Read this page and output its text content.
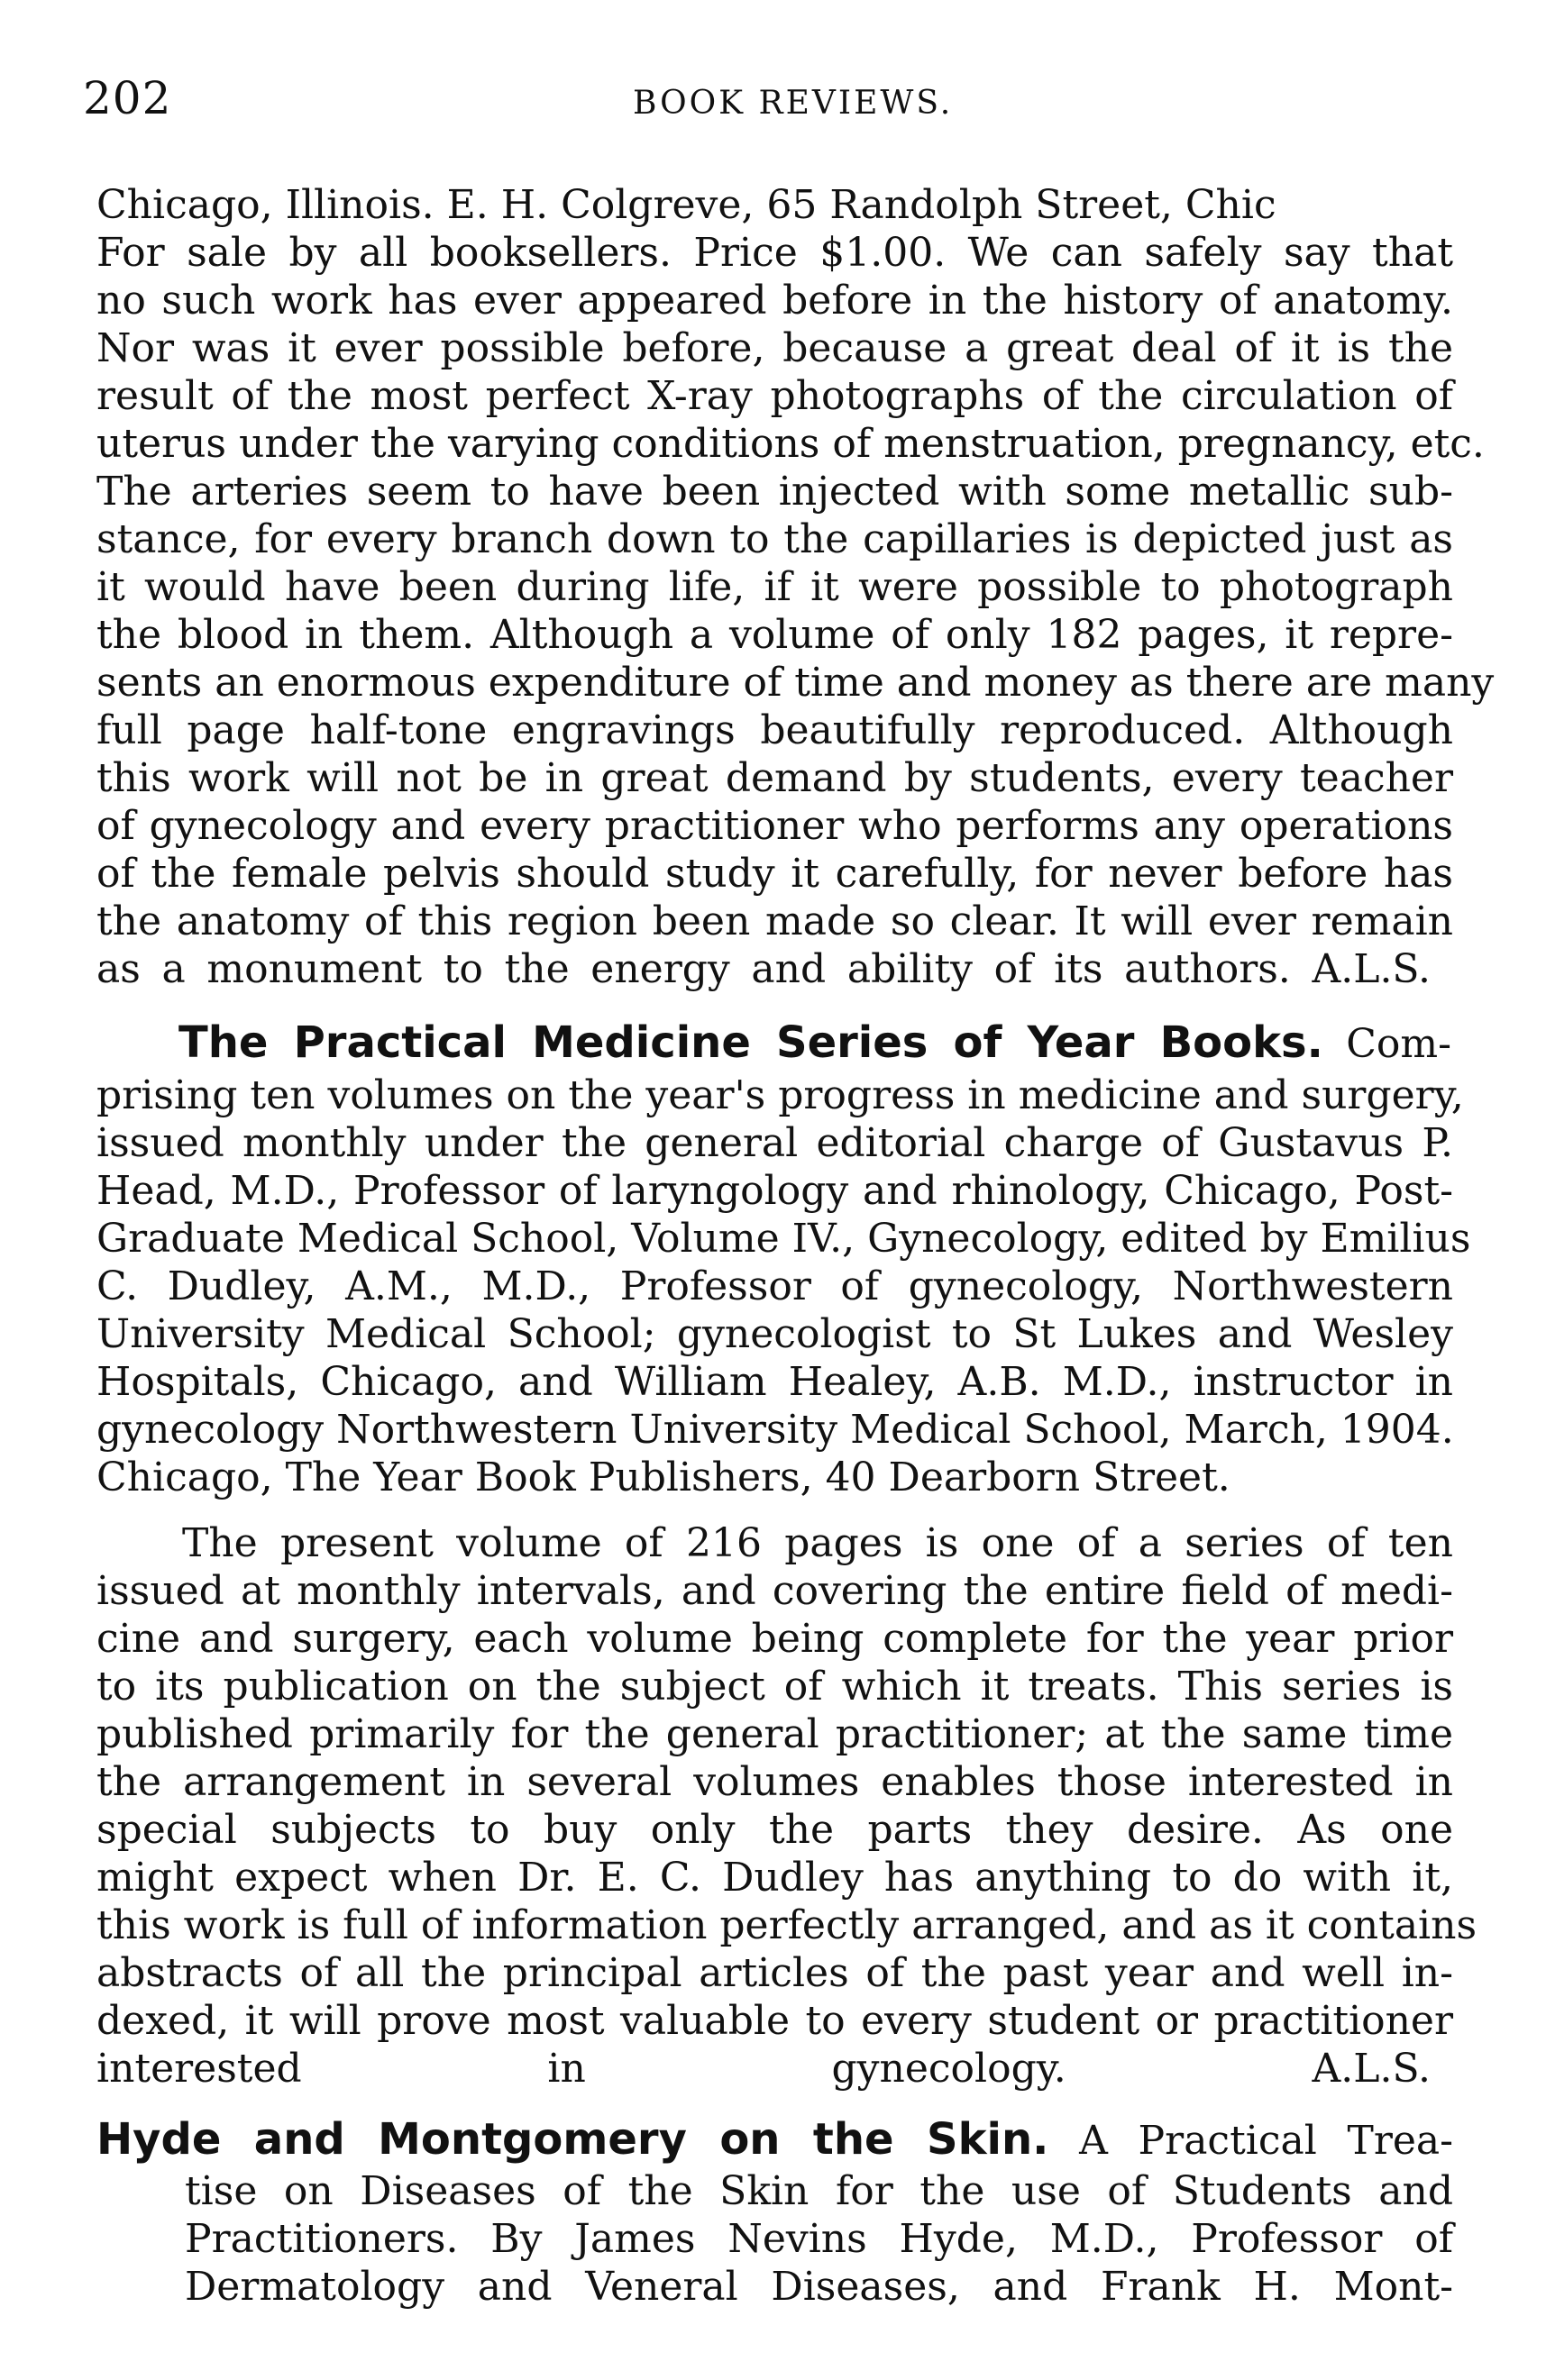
202	BOOK REVIEWS.
Chicago, Illinois. E. H. Colgreve, 65 Randolph Street, Chic
For sale by all booksellers. Price $1.00. We can safely say that
no such work has ever appeared before in the history of anatomy.
Nor was it ever possible before, because a great deal of it is the
result of the most perfect X-ray photographs of the circulation of
uterus under the varying conditions of menstruation, pregnancy, etc.
The arteries seem to have been injected with some metallic sub-
stance, for every branch down to the capillaries is depicted just as
it would have been during life, if it were possible to photograph
the blood in them. Although a volume of only 182 pages, it repre-
sents an enormous expenditure of time and money as there are many
full page half-tone engravings beautifully reproduced. Although
this work will not be in great demand by students, every teacher
of gynecology and every practitioner who performs any operations
of the female pelvis should study it carefully, for never before has
the anatomy of this region been made so clear. It will ever remain
as a monument to the energy and ability of its authors. A.L.S.
The Practical Medicine Series of Year Books. Com-
prising ten volumes on the year's progress in medicine and surgery,
issued monthly under the general editorial charge of Gustavus P.
Head, M.D., Professor of laryngology and rhinology, Chicago, Post-
Graduate Medical School, Volume IV., Gynecology, edited by Emilius
C. Dudley, A.M., M.D., Professor of gynecology, Northwestern
University Medical School; gynecologist to St Lukes and Wesley
Hospitals, Chicago, and William Healey, A.B. M.D., instructor in
gynecology Northwestern University Medical School, March, 1904.
Chicago, The Year Book Publishers, 40 Dearborn Street.
The present volume of 216 pages is one of a series of ten
issued at monthly intervals, and covering the entire field of medi-
cine and surgery, each volume being complete for the year prior
to its publication on the subject of which it treats. This series is
published primarily for the general practitioner; at the same time
the arrangement in several volumes enables those interested in
special subjects to buy only the parts they desire. As one
might expect when Dr. E. C. Dudley has anything to do with it,
this work is full of information perfectly arranged, and as it contains
abstracts of all the principal articles of the past year and well in-
dexed, it will prove most valuable to every student or practitioner
interested in gynecology. A.L.S.
Hyde and Montgomery on the Skin. A Practical Trea-
tise on Diseases of the Skin for the use of Students and
Practitioners. By James Nevins Hyde, M.D., Professor of
Dermatology and Veneral Diseases, and Frank H. Mont-
